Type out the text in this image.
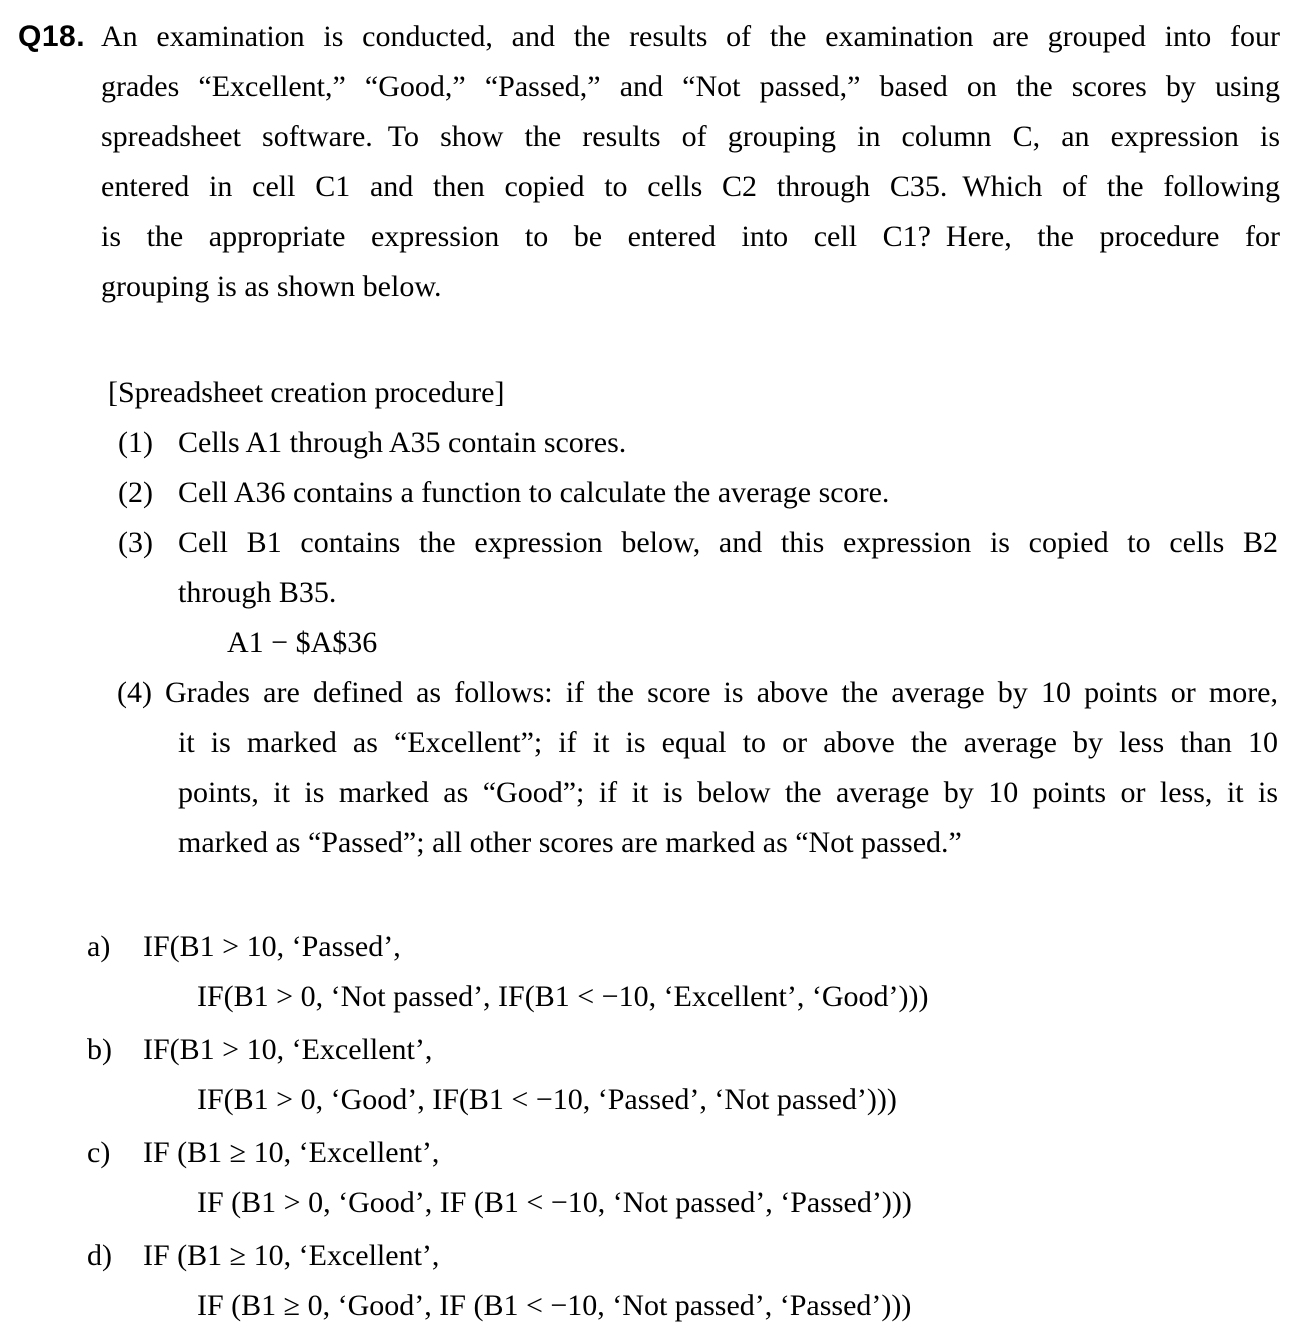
Q18. An examination is conducted, and the results of the examination are grouped into four
grades “Excellent,” “Good,” “Passed,” and “Not passed,” based on the scores by using
spreadsheet software. To show the results of grouping in column C, an expression is
entered in cell C1 and then copied to cells C2 through C35. Which of the following
is the appropriate expression to be entered into cell C1? Here, the procedure for
grouping is as shown below.
[Spreadsheet creation procedure]
(1) Cells A1 through A35 contain scores.
(2) Cell A36 contains a function to calculate the average score.
(3) Cell B1 contains the expression below, and this expression is copied to cells B2
through B35.
A1 − $A$36
(4) Grades are defined as follows: if the score is above the average by 10 points or more,
it is marked as “Excellent”; if it is equal to or above the average by less than 10
points, it is marked as “Good”; if it is below the average by 10 points or less, it is
marked as “Passed”; all other scores are marked as “Not passed.”
a) IF(B1 > 10, ‘Passed’,
IF(B1 > 0, ‘Not passed’, IF(B1 < −10, ‘Excellent’, ‘Good’)))
b) IF(B1 > 10, ‘Excellent’,
IF(B1 > 0, ‘Good’, IF(B1 < −10, ‘Passed’, ‘Not passed’)))
c) IF (B1 ≥ 10, ‘Excellent’,
IF (B1 > 0, ‘Good’, IF (B1 < −10, ‘Not passed’, ‘Passed’)))
d) IF (B1 ≥ 10, ‘Excellent’,
IF (B1 ≥ 0, ‘Good’, IF (B1 < −10, ‘Not passed’, ‘Passed’)))
